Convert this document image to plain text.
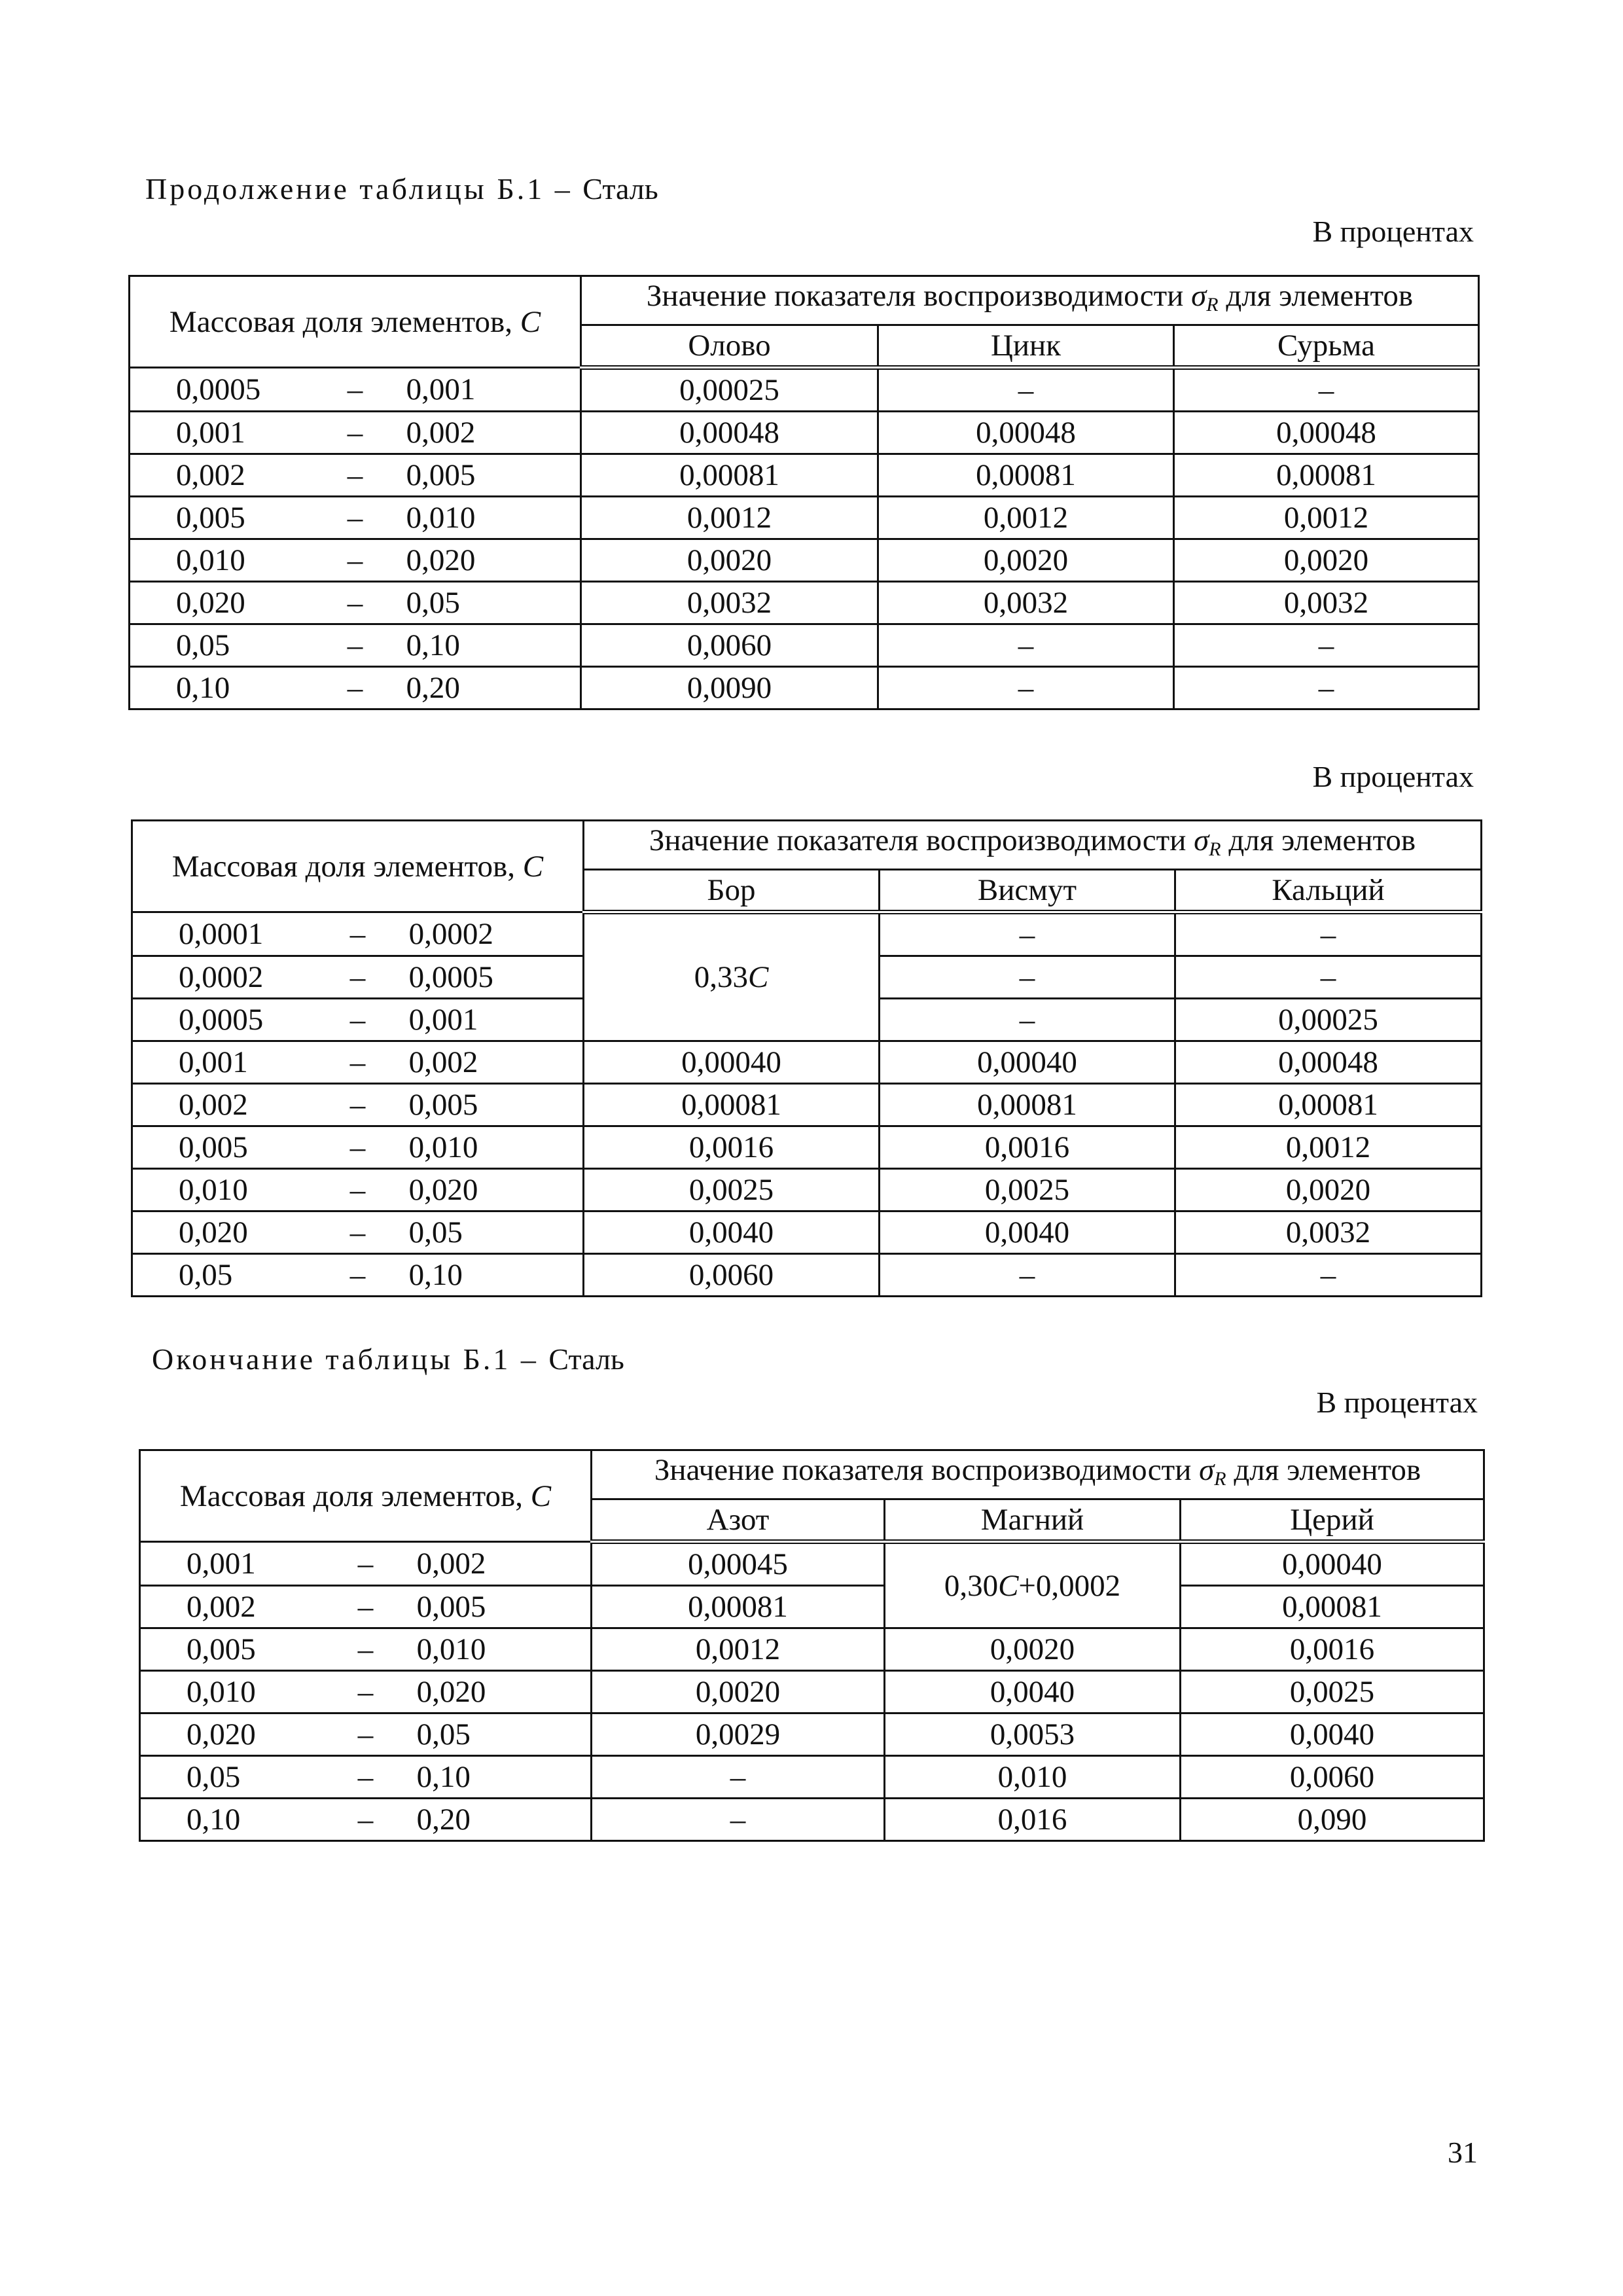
Продолжение таблицы Б.1 – Сталь
В процентах
Массовая доля элементов, C	Значение показателя воспроизводимости $\sigma_R$ для элементов		
	Олово	Цинк	Сурьма

0,0005 – 0,001	0,00025	–	–

0,001 – 0,002	0,00048	0,00048	0,00048

0,002 – 0,005	0,00081	0,00081	0,00081

0,005 – 0,010	0,0012	0,0012	0,0012

0,010 – 0,020	0,0020	0,0020	0,0020

0,020 – 0,05	0,0032	0,0032	0,0032

0,05 – 0,10	0,0060	–	–

0,10 – 0,20	0,0090	–	–
В процентах
Массовая доля элементов, C	Значение показателя воспроизводимости $\sigma_R$ для элементов		
	Бор	Висмут	Кальций

0,0001 – 0,0002	0,33C	–	–

0,0002 – 0,0005		–	–

0,0005 – 0,001		–	0,00025

0,001 – 0,002	0,00040	0,00040	0,00048

0,002 – 0,005	0,00081	0,00081	0,00081

0,005 – 0,010	0,0016	0,0016	0,0012

0,010 – 0,020	0,0025	0,0025	0,0020

0,020 – 0,05	0,0040	0,0040	0,0032

0,05 – 0,10	0,0060	–	–
Окончание таблицы Б.1 – Сталь
В процентах
Массовая доля элементов, C	Значение показателя воспроизводимости $\sigma_R$ для элементов		
	Азот	Магний	Церий

0,001 – 0,002	0,00045	0,30C+0,0002	0,00040

0,002 – 0,005	0,00081		0,00081

0,005 – 0,010	0,0012	0,0020	0,0016

0,010 – 0,020	0,0020	0,0040	0,0025

0,020 – 0,05	0,0029	0,0053	0,0040

0,05 – 0,10	–	0,010	0,0060

0,10 – 0,20	–	0,016	0,090
31
